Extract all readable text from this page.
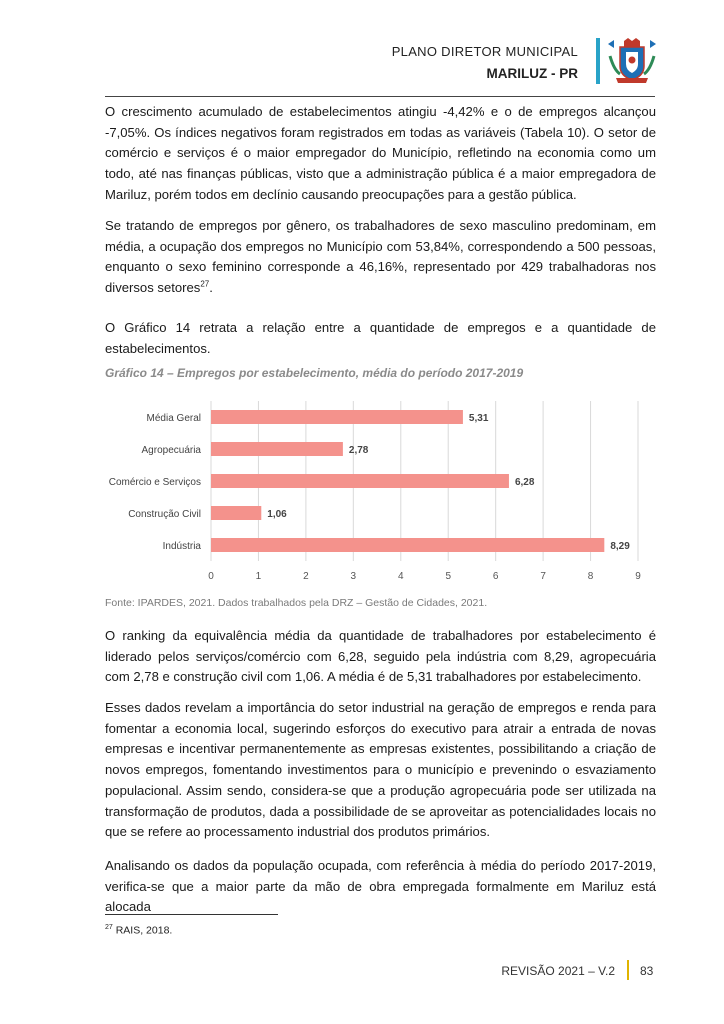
PLANO DIRETOR MUNICIPAL
MARILUZ - PR
O crescimento acumulado de estabelecimentos atingiu -4,42% e o de empregos alcançou -7,05%. Os índices negativos foram registrados em todas as variáveis (Tabela 10). O setor de comércio e serviços é o maior empregador do Município, refletindo na economia como um todo, até nas finanças públicas, visto que a administração pública é a maior empregadora de Mariluz, porém todos em declínio causando preocupações para a gestão pública.
Se tratando de empregos por gênero, os trabalhadores de sexo masculino predominam, em média, a ocupação dos empregos no Município com 53,84%, correspondendo a 500 pessoas, enquanto o sexo feminino corresponde a 46,16%, representado por 429 trabalhadoras nos diversos setores$^{27}$.
O Gráfico 14 retrata a relação entre a quantidade de empregos e a quantidade de estabelecimentos.
Gráfico 14 – Empregos por estabelecimento, média do período 2017-2019
0	1	2	3	4	5	6	7	8	9
Média Geral	5,31
Agropecuária	2,78
Comércio e Serviços	6,28
Construção Civil	1,06
Indústria	8,29
Fonte: IPARDES, 2021. Dados trabalhados pela DRZ – Gestão de Cidades, 2021.
O ranking da equivalência média da quantidade de trabalhadores por estabelecimento é liderado pelos serviços/comércio com 6,28, seguido pela indústria com 8,29, agropecuária com 2,78 e construção civil com 1,06. A média é de 5,31 trabalhadores por estabelecimento.
Esses dados revelam a importância do setor industrial na geração de empregos e renda para fomentar a economia local, sugerindo esforços do executivo para atrair a entrada de novas empresas e incentivar permanentemente as empresas existentes, possibilitando a criação de novos empregos, fomentando investimentos para o município e prevenindo o esvaziamento populacional. Assim sendo, considera-se que a produção agropecuária pode ser utilizada na transformação de produtos, dada a possibilidade de se aproveitar as potencialidades locais no que se refere ao processamento industrial dos produtos primários.
Analisando os dados da população ocupada, com referência à média do período 2017-2019, verifica-se que a maior parte da mão de obra empregada formalmente em Mariluz está alocada
$^{27}$ RAIS, 2018.
REVISÃO 2021 – V.2 83
